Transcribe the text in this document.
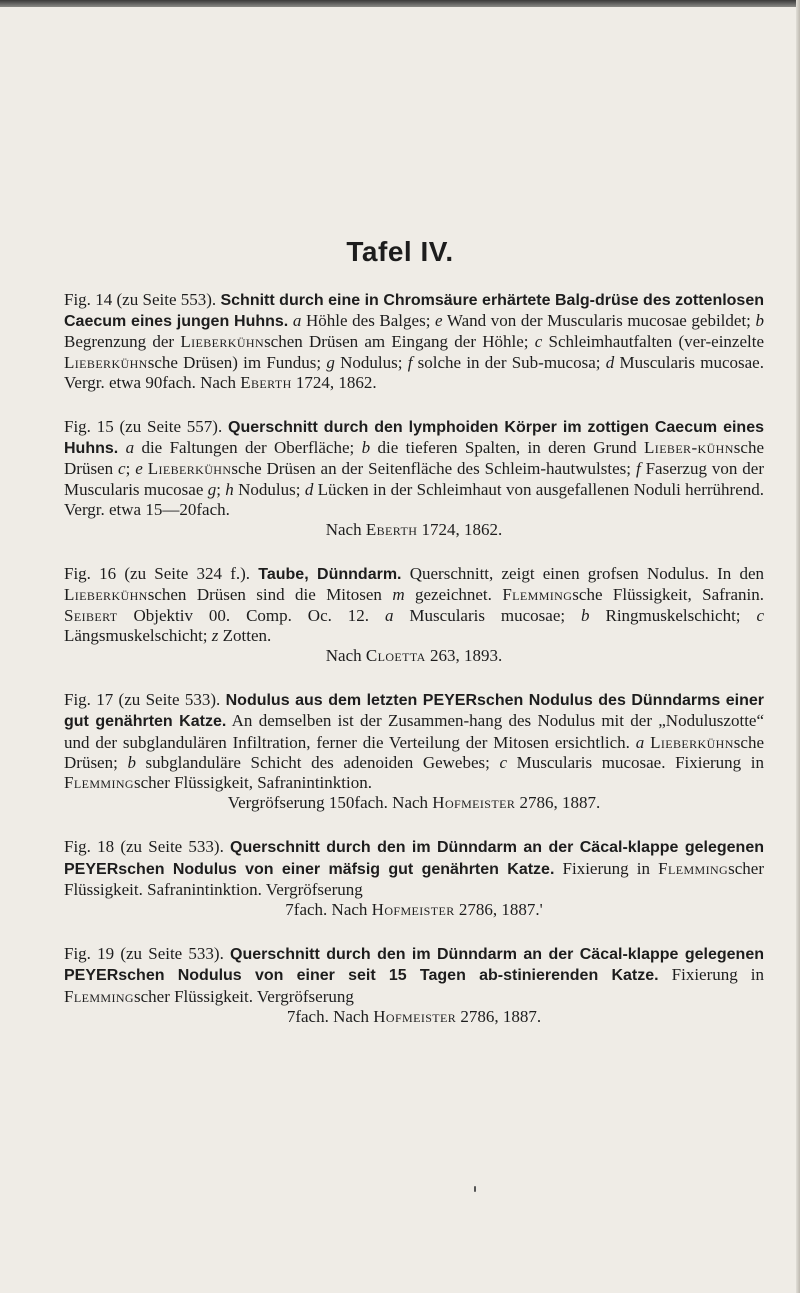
Tafel IV.
Fig. 14 (zu Seite 553). Schnitt durch eine in Chromsäure erhärtete Balg-drüse des zottenlosen Caecum eines jungen Huhns. a Höhle des Balges; e Wand von der Muscularis mucosae gebildet; b Begrenzung der Lieberkühnschen Drüsen am Eingang der Höhle; c Schleimhautfalten (ver-einzelte Lieberkühnsche Drüsen) im Fundus; g Nodulus; f solche in der Sub-mucosa; d Muscularis mucosae. Vergr. etwa 90fach. Nach Eberth 1724, 1862.
Fig. 15 (zu Seite 557). Querschnitt durch den lymphoiden Körper im zottigen Caecum eines Huhns. a die Faltungen der Oberfläche; b die tieferen Spalten, in deren Grund Lieber-kühnsche Drüsen c; e Lieberkühnsche Drüsen an der Seitenfläche des Schleim-hautwulstes; f Faserzug von der Muscularis mucosae g; h Nodulus; d Lücken in der Schleimhaut von ausgefallenen Noduli herrührend. Vergr. etwa 15—20fach.
Nach Eberth 1724, 1862.
Fig. 16 (zu Seite 324 f.). Taube, Dünndarm. Querschnitt, zeigt einen grofsen Nodulus. In den Lieberkühnschen Drüsen sind die Mitosen m gezeichnet. Flemmingsche Flüssigkeit, Safranin. Seibert Objektiv 00. Comp. Oc. 12. a Muscularis mucosae; b Ringmuskelschicht; c Längsmuskelschicht; z Zotten.
Nach Cloetta 263, 1893.
Fig. 17 (zu Seite 533). Nodulus aus dem letzten PEYERschen Nodulus des Dünndarms einer gut genährten Katze. An demselben ist der Zusammen-hang des Nodulus mit der „Noduluszotte“ und der subglandulären Infiltration, ferner die Verteilung der Mitosen ersichtlich. a Lieberkühnsche Drüsen; b subglanduläre Schicht des adenoiden Gewebes; c Muscularis mucosae. Fixierung in Flemmingscher Flüssigkeit, Safranintinktion.
Vergröfserung 150fach. Nach Hofmeister 2786, 1887.
Fig. 18 (zu Seite 533). Querschnitt durch den im Dünndarm an der Cäcal-klappe gelegenen PEYERschen Nodulus von einer mäfsig gut genährten Katze. Fixierung in Flemmingscher Flüssigkeit. Safranintinktion. Vergröfserung
7fach. Nach Hofmeister 2786, 1887.'
Fig. 19 (zu Seite 533). Querschnitt durch den im Dünndarm an der Cäcal-klappe gelegenen PEYERschen Nodulus von einer seit 15 Tagen ab-stinierenden Katze. Fixierung in Flemmingscher Flüssigkeit. Vergröfserung
7fach. Nach Hofmeister 2786, 1887.
